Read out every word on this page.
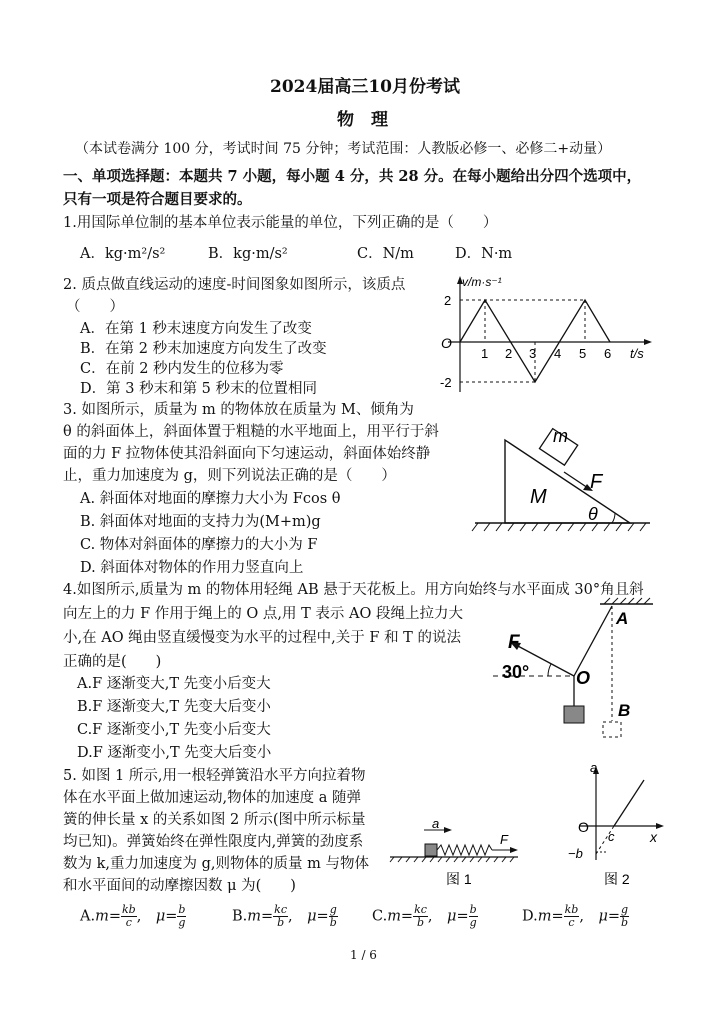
2024届高三10月份考试
物　理
（本试卷满分 100 分，考试时间 75 分钟；考试范围：人教版必修一、必修二+动量）
一、单项选择题：本题共 7 小题，每小题 4 分，共 28 分。在每小题给出分四个选项中，
只有一项是符合题目要求的。
1.用国际单位制的基本单位表示能量的单位，下列正确的是（　　）
A．kg·m²/s²	B．kg·m/s²	C．N/m	D．N·m
2. 质点做直线运动的速度-时间图象如图所示，该质点
（　　）
A．在第 1 秒末速度方向发生了改变
B．在第 2 秒末加速度方向发生了改变
C．在前 2 秒内发生的位移为零
D．第 3 秒末和第 5 秒末的位置相同
v/m·s⁻¹
O
2
-2
1 2 3 4 5 6 t/s
3. 如图所示，质量为 m 的物体放在质量为 M、倾角为
θ 的斜面体上，斜面体置于粗糙的水平地面上，用平行于斜
面的力 F 拉物体使其沿斜面向下匀速运动，斜面体始终静
止，重力加速度为 g，则下列说法正确的是（　　）
A. 斜面体对地面的摩擦力大小为 Fcos θ
B. 斜面体对地面的支持力为(M+m)g
C. 物体对斜面体的摩擦力的大小为 F
D. 斜面体对物体的作用力竖直向上
m
F
M
θ
4.如图所示,质量为 m 的物体用轻绳 AB 悬于天花板上。用方向始终与水平面成 30°角且斜
向左上的力 F 作用于绳上的 O 点,用 T 表示 AO 段绳上拉力大
小,在 AO 绳由竖直缓慢变为水平的过程中,关于 F 和 T 的说法
正确的是(　　)
A.F 逐渐变大,T 先变小后变大
B.F 逐渐变大,T 先变大后变小
C.F 逐渐变小,T 先变小后变大
D.F 逐渐变小,T 先变大后变小
F
30°	O
A
B
5. 如图 1 所示,用一根轻弹簧沿水平方向拉着物
体在水平面上做加速运动,物体的加速度 a 随弹
簧的伸长量 x 的关系如图 2 所示(图中所示标量
均已知)。弹簧始终在弹性限度内,弹簧的劲度系
数为 k,重力加速度为 g,则物体的质量 m 与物体
和水平面间的动摩擦因数 μ 为(　　)
a
F
图 1
a
O
c	x
−b
图 2
$A.m= \frac{kb}{c}$ ,　$\mu= \frac{b}{g}$	$B.m= \frac{kc}{b}$ ,　$\mu= \frac{g}{b} C.m= \frac{kc}{b}$ ,　$\mu= \frac{b}{g}$	$D.m= \frac{kb}{c}$ ,　$\mu= \frac{g}{b}$
1 / 6
